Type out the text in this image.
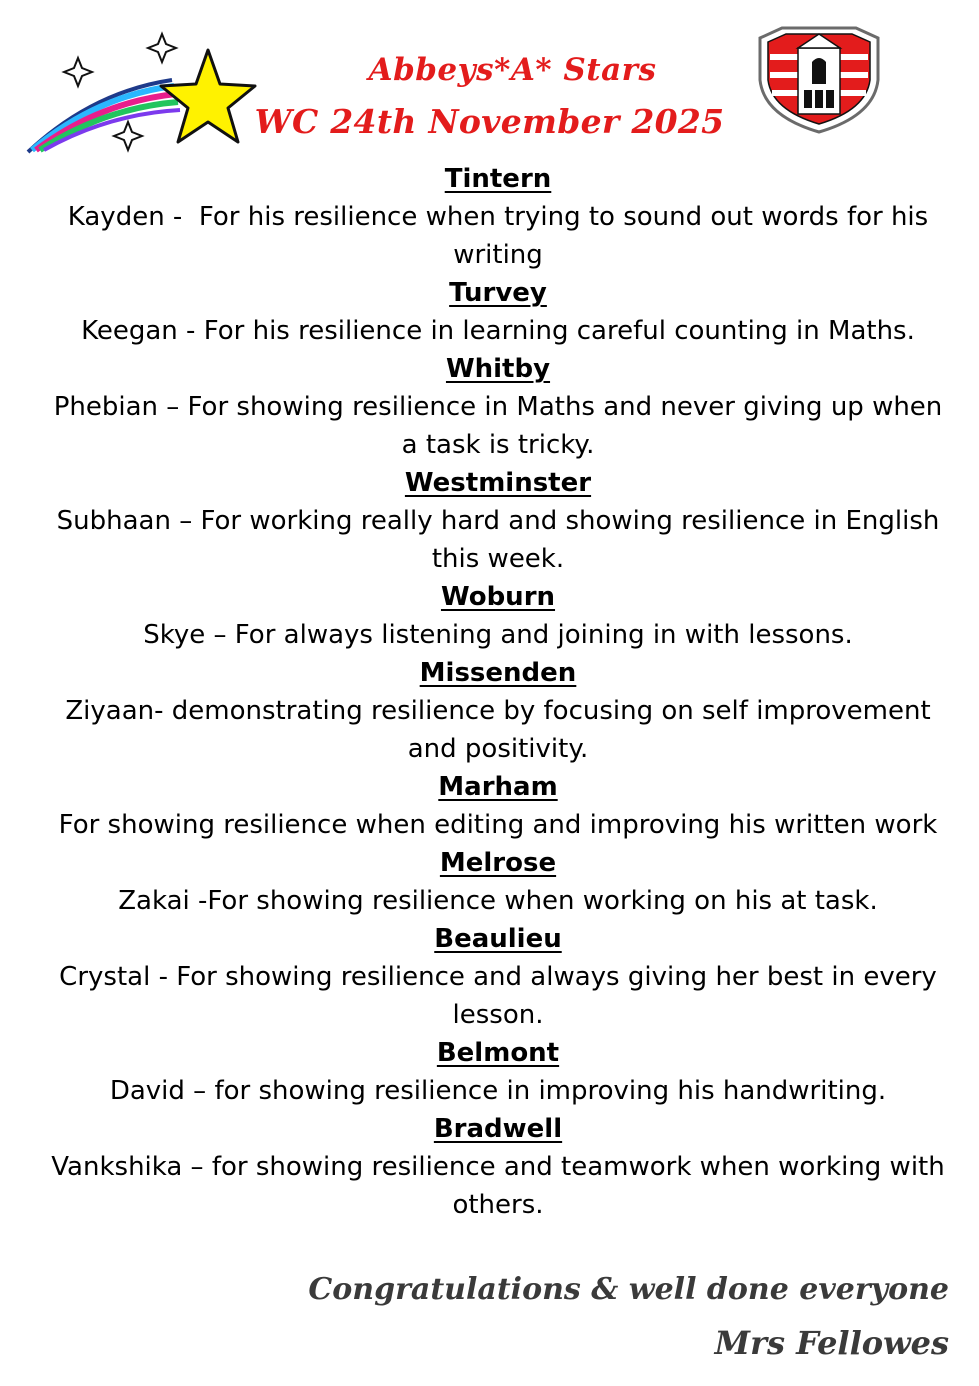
Abbeys*A* Stars
WC 24th November 2025
Tintern
Kayden -  For his resilience when trying to sound out words for his writing
Turvey
Keegan - For his resilience in learning careful counting in Maths.
Whitby
Phebian – For showing resilience in Maths and never giving up when a task is tricky.
Westminster
Subhaan – For working really hard and showing resilience in English this week.
Woburn
Skye – For always listening and joining in with lessons.
Missenden
Ziyaan- demonstrating resilience by focusing on self improvement and positivity.
Marham
For showing resilience when editing and improving his written work
Melrose
Zakai -For showing resilience when working on his at task.
Beaulieu
Crystal - For showing resilience and always giving her best in every lesson.
Belmont
David – for showing resilience in improving his handwriting.
Bradwell
Vankshika – for showing resilience and teamwork when working with others.
Congratulations & well done everyone
Mrs Fellowes
